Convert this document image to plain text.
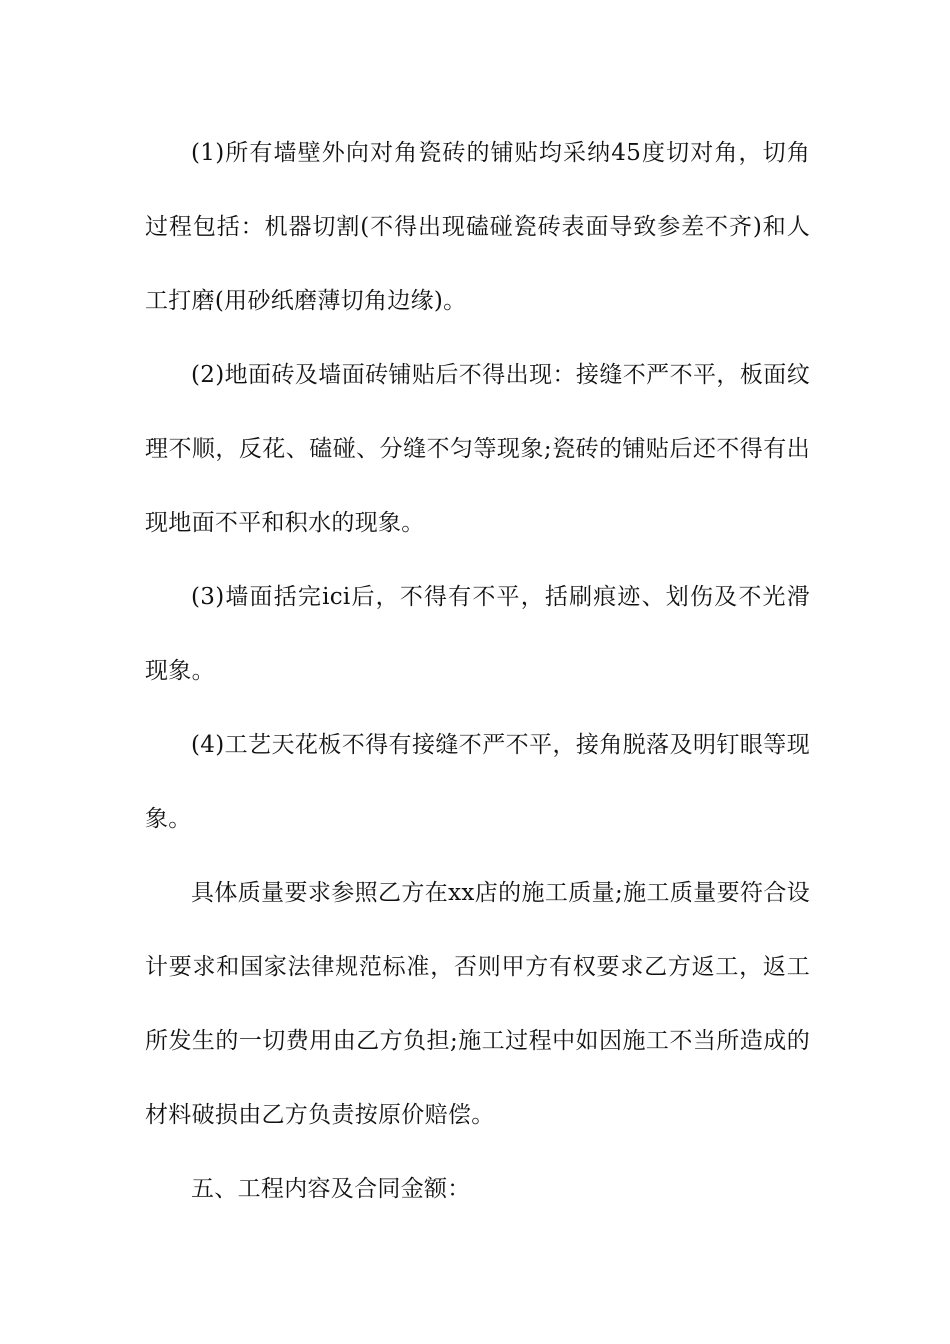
(1)所有墙壁外向对角瓷砖的铺贴均采纳45度切对角，切角过程包括：机器切割(不得出现磕碰瓷砖表面导致参差不齐)和人工打磨(用砂纸磨薄切角边缘)。

(2)地面砖及墙面砖铺贴后不得出现：接缝不严不平，板面纹理不顺，反花、磕碰、分缝不匀等现象;瓷砖的铺贴后还不得有出现地面不平和积水的现象。

(3)墙面括完ici后，不得有不平，括刷痕迹、划伤及不光滑现象。

(4)工艺天花板不得有接缝不严不平，接角脱落及明钉眼等现象。

具体质量要求参照乙方在xx店的施工质量;施工质量要符合设计要求和国家法律规范标准，否则甲方有权要求乙方返工，返工所发生的一切费用由乙方负担;施工过程中如因施工不当所造成的材料破损由乙方负责按原价赔偿。

五、工程内容及合同金额：
